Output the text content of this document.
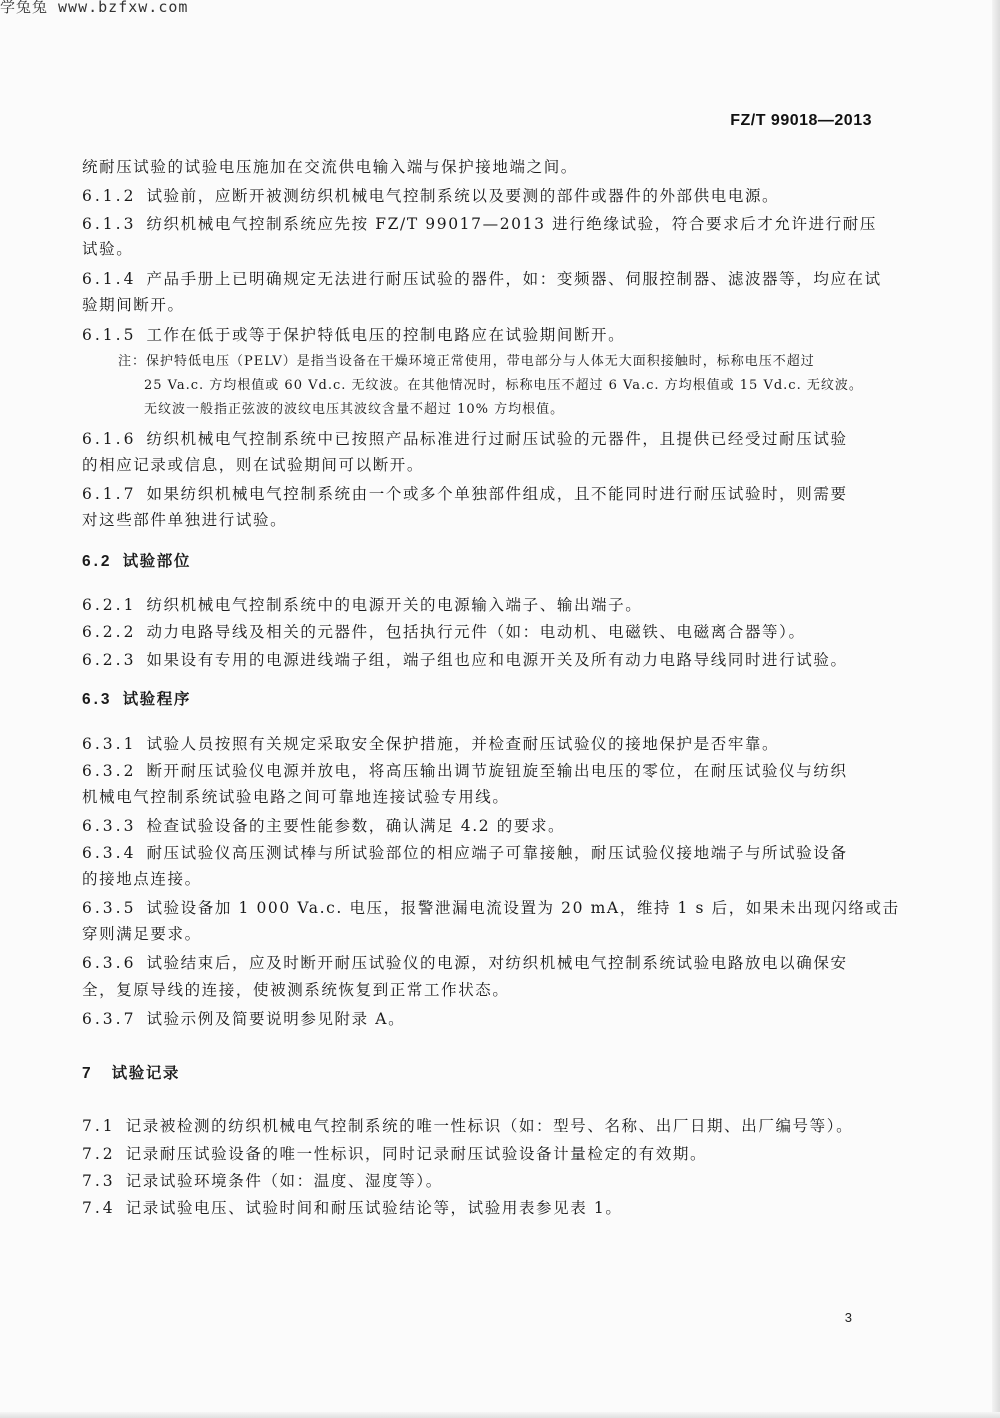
学兔兔 www.bzfxw.com
FZ/T 99018—2013
统耐压试验的试验电压施加在交流供电输入端与保护接地端之间。
6.1.2 试验前，应断开被测纺织机械电气控制系统以及要测的部件或器件的外部供电电源。
6.1.3 纺织机械电气控制系统应先按 FZ/T 99017—2013 进行绝缘试验，符合要求后才允许进行耐压
试验。
6.1.4 产品手册上已明确规定无法进行耐压试验的器件，如：变频器、伺服控制器、滤波器等，均应在试
验期间断开。
6.1.5 工作在低于或等于保护特低电压的控制电路应在试验期间断开。
注：保护特低电压（PELV）是指当设备在干燥环境正常使用，带电部分与人体无大面积接触时，标称电压不超过
25 Va.c. 方均根值或 60 Vd.c. 无纹波。在其他情况时，标称电压不超过 6 Va.c. 方均根值或 15 Vd.c. 无纹波。
无纹波一般指正弦波的波纹电压其波纹含量不超过 10% 方均根值。
6.1.6 纺织机械电气控制系统中已按照产品标准进行过耐压试验的元器件，且提供已经受过耐压试验
的相应记录或信息，则在试验期间可以断开。
6.1.7 如果纺织机械电气控制系统由一个或多个单独部件组成，且不能同时进行耐压试验时，则需要
对这些部件单独进行试验。
6.2 试验部位
6.2.1 纺织机械电气控制系统中的电源开关的电源输入端子、输出端子。
6.2.2 动力电路导线及相关的元器件，包括执行元件（如：电动机、电磁铁、电磁离合器等）。
6.2.3 如果设有专用的电源进线端子组，端子组也应和电源开关及所有动力电路导线同时进行试验。
6.3 试验程序
6.3.1 试验人员按照有关规定采取安全保护措施，并检查耐压试验仪的接地保护是否牢靠。
6.3.2 断开耐压试验仪电源并放电，将高压输出调节旋钮旋至输出电压的零位，在耐压试验仪与纺织
机械电气控制系统试验电路之间可靠地连接试验专用线。
6.3.3 检查试验设备的主要性能参数，确认满足 4.2 的要求。
6.3.4 耐压试验仪高压测试棒与所试验部位的相应端子可靠接触，耐压试验仪接地端子与所试验设备
的接地点连接。
6.3.5 试验设备加 1 000 Va.c. 电压，报警泄漏电流设置为 20 mA，维持 1 s 后，如果未出现闪络或击
穿则满足要求。
6.3.6 试验结束后，应及时断开耐压试验仪的电源，对纺织机械电气控制系统试验电路放电以确保安
全，复原导线的连接，使被测系统恢复到正常工作状态。
6.3.7 试验示例及简要说明参见附录 A。
7 试验记录
7.1 记录被检测的纺织机械电气控制系统的唯一性标识（如：型号、名称、出厂日期、出厂编号等）。
7.2 记录耐压试验设备的唯一性标识，同时记录耐压试验设备计量检定的有效期。
7.3 记录试验环境条件（如：温度、湿度等）。
7.4 记录试验电压、试验时间和耐压试验结论等，试验用表参见表 1。
3
